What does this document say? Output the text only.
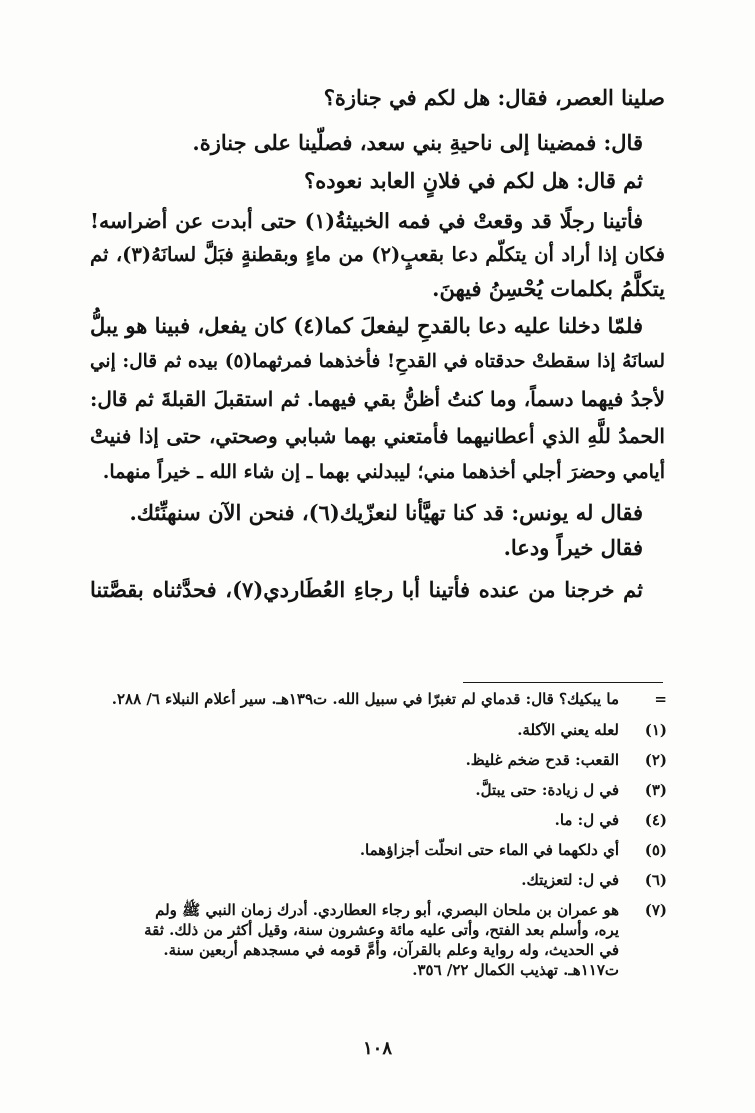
صلينا العصر، فقال: هل لكم في جنازة؟

قال: فمضينا إلى ناحيةِ بني سعد، فصلّينا على جنازة.

ثم قال: هل لكم في فلانٍ العابد نعوده؟

فأتينا رجلًا قد وقعتْ في فمه الخبيثةُ(١) حتى أبدت عن أضراسه!

فكان إذا أراد أن يتكلّم دعا بقعبٍ(٢) من ماءٍ وبقطنةٍ فبَلَّ لسانَهُ(٣)، ثم

يتكلَّمُ بكلمات يُحْسِنُ فيهنَ.

فلمّا دخلنا عليه دعا بالقدحِ ليفعلَ كما(٤) كان يفعل، فبينا هو يبلُّ

لسانَهُ إذا سقطتْ حدقتاه في القدحِ! فأخذهما فمرثهما(٥) بيده ثم قال: إني

لأجدُ فيهما دسماً، وما كنتُ أظنُّ بقي فيهما. ثم استقبلَ القبلةَ ثم قال:

الحمدُ للَّهِ الذي أعطانيهما فأمتعني بهما شبابي وصحتي، حتى إذا فنيتْ

أيامي وحضرَ أجلي أخذهما مني؛ ليبدلني بهما ـ إن شاء الله ـ خيراً منهما.

فقال له يونس: قد كنا تهيَّأنا لنعزّيك(٦)، فنحن الآن سنهنِّئك.

فقال خيراً ودعا.

ثم خرجنا من عنده فأتينا أبا رجاءِ العُطَاردي(٧)، فحدَّثناه بقصَّتنا

=

ما يبكيك؟ قال: قدماي لم تغبرّا في سبيل الله. ت١٣٩هـ. سير أعلام النبلاء ٦/ ٢٨٨.

(١)

لعله يعني الآكلة.

(٢)

القعب: قدح ضخم غليظ.

(٣)

في ل زيادة: حتى يبتلَّ.

(٤)

في ل: ما.

(٥)

أي دلكهما في الماء حتى انحلّت أجزاؤهما.

(٦)

في ل: لتعزيتك.

(٧)

هو عمران بن ملحان البصري، أبو رجاء العطاردي. أدرك زمان النبي ﷺ ولم

يره، وأسلم بعد الفتح، وأتى عليه مائة وعشرون سنة، وقيل أكثر من ذلك. ثقة

في الحديث، وله رواية وعلم بالقرآن، وأمَّ قومه في مسجدهم أربعين سنة.

ت١١٧هـ. تهذيب الكمال ٢٢/ ٣٥٦.

١٠٨
